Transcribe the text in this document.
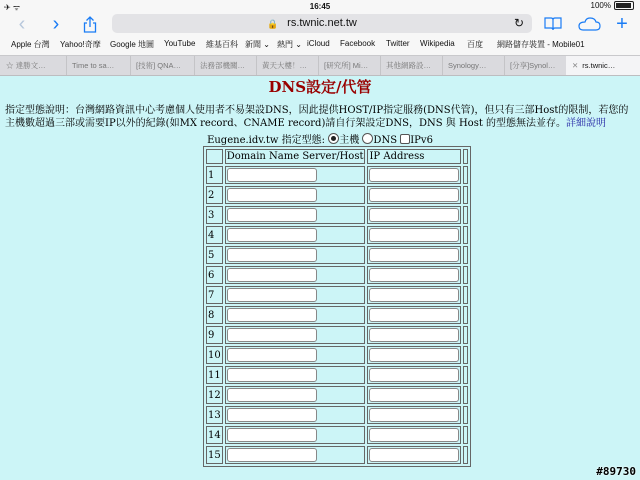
✈ ᯤ	16:45	100%
‹	›	🔒 rs.twnic.net.tw	↻	+
Apple 台灣 Yahoo!奇摩 Google 地圖 YouTube 維基百科 新聞 ⌄ 熱門 ⌄ iCloud Facebook Twitter Wikipedia 百度 網路儲存裝置 - Mobile01
☆ 達勝文…	Time to sa…	[技術] QNA…	法務部機關…	黃天大樓！…	[研究所] Mi…	其他網路設…	Synology…	[分享]Synol…	✕ rs.twnic…
DNS設定/代管
指定型態說明：台灣網路資訊中心考慮個人使用者不易架設DNS，因此提供HOST/IP指定服務(DNS代管)，但只有三部Host的限制，若您的主機數超過三部或需要IP以外的紀錄(如MX record、CNAME record)請自行架設定DNS，DNS 與 Host 的型態無法並存。詳細說明
Eugene.idv.tw 指定型態: 主機 DNS IPv6
	Domain Name Server/Host	IP Address	
1			
2			
3			
4			
5			
6			
7			
8			
9			
10			
11			
12			
13			
14			
15			
#89730
